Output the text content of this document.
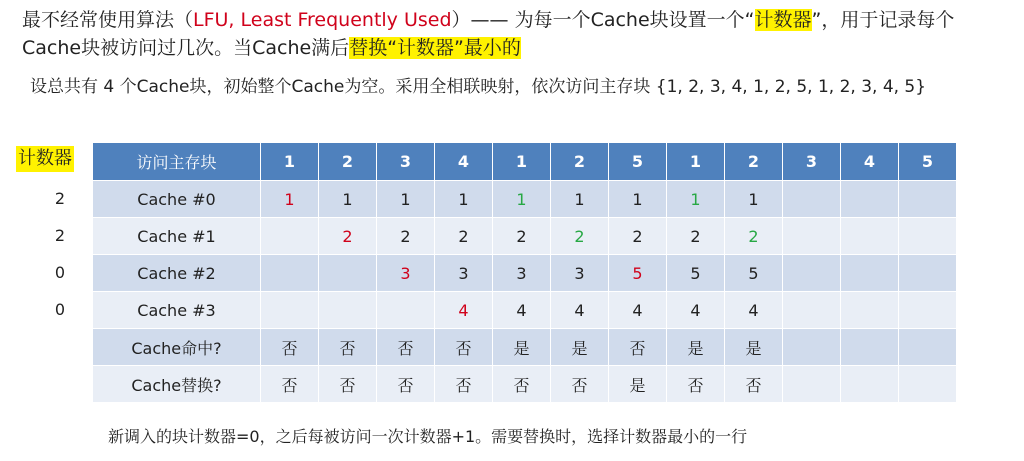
最不经常使用算法（LFU, Least Frequently Used）—— 为每一个Cache块设置一个“计数器”，用于记录每个Cache块被访问过几次。当Cache满后替换“计数器”最小的
设总共有 4 个Cache块，初始整个Cache为空。采用全相联映射，依次访问主存块 {1, 2, 3, 4, 1, 2, 5, 1, 2, 3, 4, 5}
计数器
2
2
0
0
访问主存块	1	2	3	4	1	2	5	1	2	3	4	5
Cache #0	1	1	1	1	1	1	1	1	1			
Cache #1		2	2	2	2	2	2	2	2			
Cache #2			3	3	3	3	5	5	5			
Cache #3				4	4	4	4	4	4			
Cache命中?	否	否	否	否	是	是	否	是	是			
Cache替换?	否	否	否	否	否	否	是	否	否			
新调入的块计数器=0，之后每被访问一次计数器+1。需要替换时，选择计数器最小的一行
